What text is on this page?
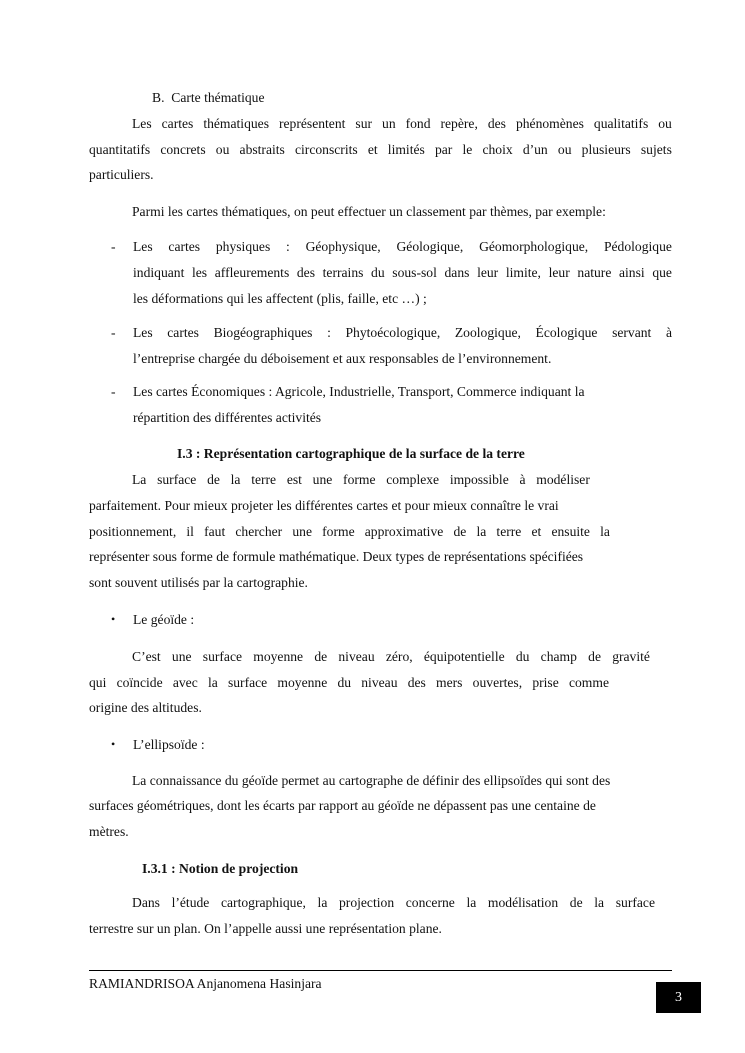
B.  Carte thématique
Les cartes thématiques représentent sur un fond repère, des phénomènes qualitatifs ou
quantitatifs concrets ou abstraits circonscrits et limités par le choix d’un ou plusieurs sujets
particuliers.
Parmi les cartes thématiques, on peut effectuer un classement par thèmes, par exemple:
- Les cartes physiques : Géophysique, Géologique, Géomorphologique, Pédologique
indiquant les affleurements des terrains du sous-sol dans leur limite, leur nature ainsi que
les déformations qui les affectent (plis, faille, etc …) ;
- Les cartes Biogéographiques : Phytoécologique, Zoologique, Écologique servant à
l’entreprise chargée du déboisement et aux responsables de l’environnement.
- Les cartes Économiques : Agricole, Industrielle, Transport, Commerce indiquant la
répartition des différentes activités
I.3 : Représentation cartographique de la surface de la terre
La surface de la terre est une forme complexe impossible à modéliser
parfaitement. Pour mieux projeter les différentes cartes et pour mieux connaître le vrai
positionnement, il faut chercher une forme approximative de la terre et ensuite la
représenter sous forme de formule mathématique. Deux types de représentations spécifiées
sont souvent utilisés par la cartographie.
• Le géoïde :
C’est une surface moyenne de niveau zéro, équipotentielle du champ de gravité
qui coïncide avec la surface moyenne du niveau des mers ouvertes, prise comme
origine des altitudes.
• L’ellipsoïde :
La connaissance du géoïde permet au cartographe de définir des ellipsoïdes qui sont des
surfaces géométriques, dont les écarts par rapport au géoïde ne dépassent pas une centaine de
mètres.
I.3.1 : Notion de projection
Dans l’étude cartographique, la projection concerne la modélisation de la surface
terrestre sur un plan. On l’appelle aussi une représentation plane.
RAMIANDRISOA Anjanomena Hasinjara
3
